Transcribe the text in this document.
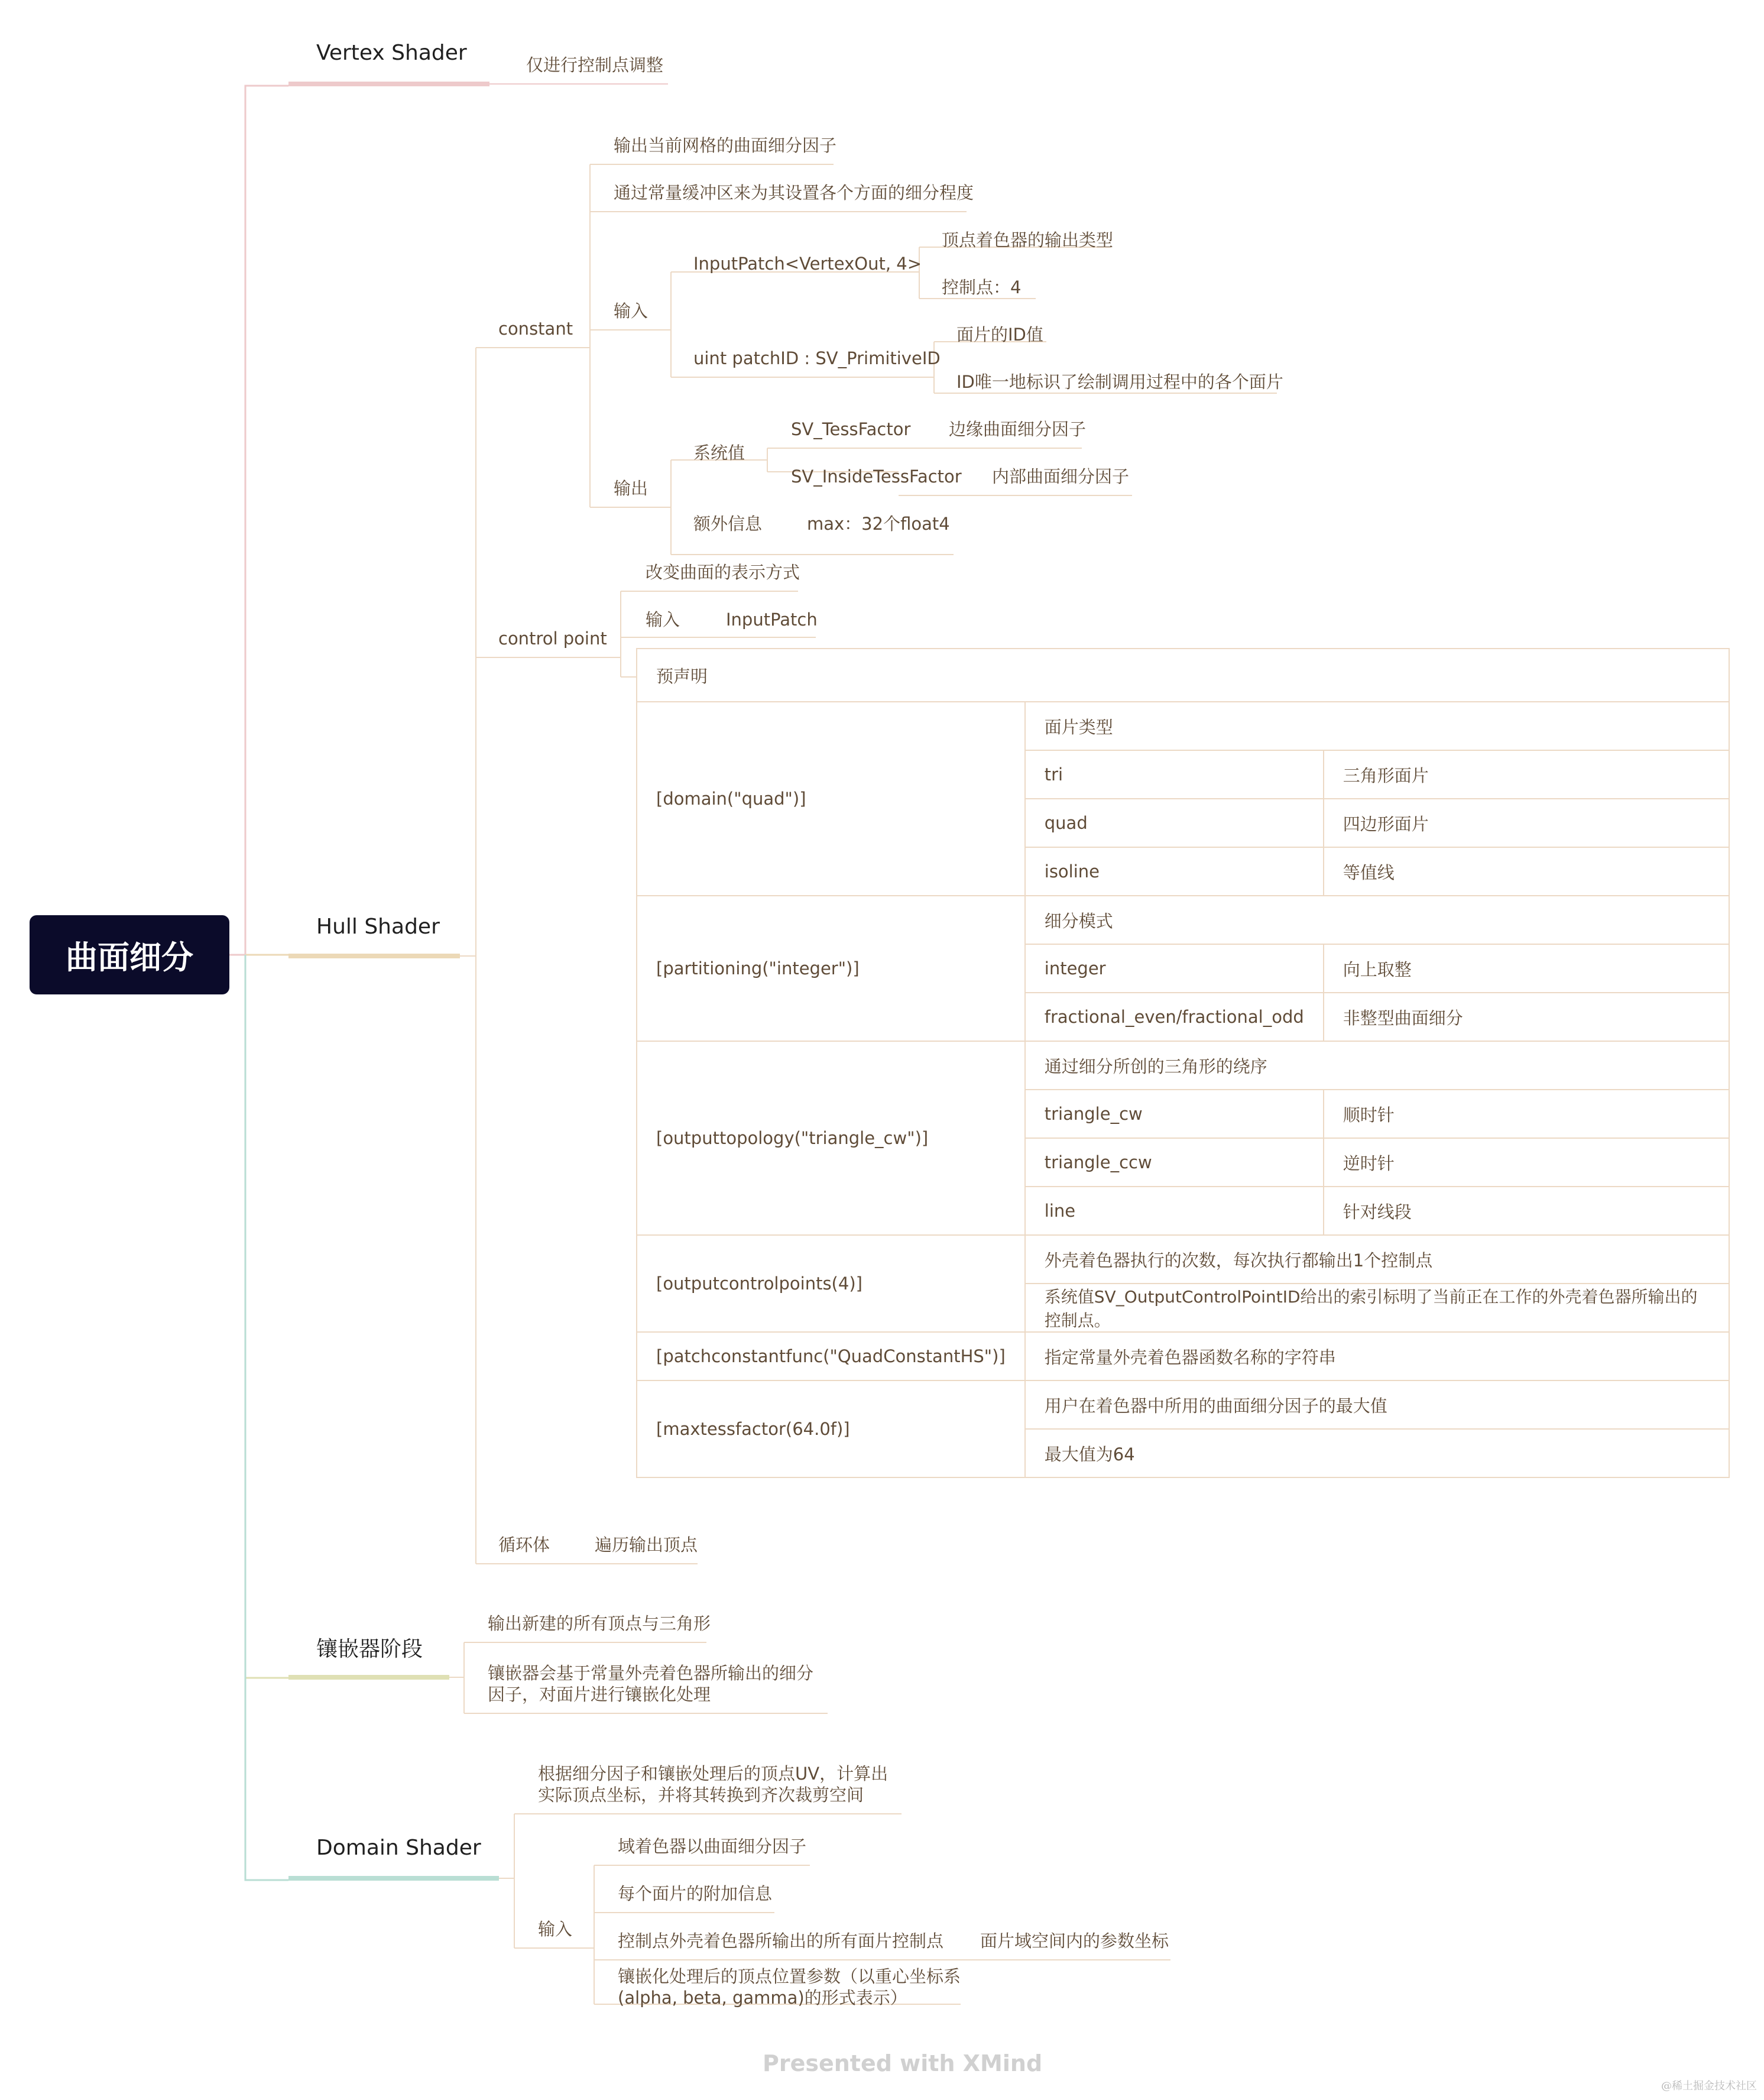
曲面细分
Vertex Shader	仅进行控制点调整
Hull Shader
constant
输出当前网格的曲面细分因子
通过常量缓冲区来为其设置各个方面的细分程度
输入
InputPatch<VertexOut, 4>
顶点着色器的输出类型
控制点：4
uint patchID : SV_PrimitiveID
面片的ID值
ID唯一地标识了绘制调用过程中的各个面片
输出
系统值
SV_TessFactor 边缘曲面细分因子
SV_InsideTessFactor 内部曲面细分因子
额外信息	max：32个float4
control point
改变曲面的表示方式
输入	InputPatch
预声明		
[domain("quad")]	面片类型	
	tri	三角形面片
	quad	四边形面片
	isoline	等值线
[partitioning("integer")]	细分模式	
	integer	向上取整
	fractional_even/fractional_odd	非整型曲面细分
[outputtopology("triangle_cw")]	通过细分所创的三角形的绕序	
	triangle_cw	顺时针
	triangle_ccw	逆时针
	line	针对线段
[outputcontrolpoints(4)]	外壳着色器执行的次数，每次执行都输出1个控制点	
	系统值SV_OutputControlPointID给出的索引标明了当前正在工作的外壳着色器所输出的控制点。	
[patchconstantfunc("QuadConstantHS")]	指定常量外壳着色器函数名称的字符串	
[maxtessfactor(64.0f)]	用户在着色器中所用的曲面细分因子的最大值	
	最大值为64	
循环体	遍历输出顶点
镶嵌器阶段
输出新建的所有顶点与三角形
镶嵌器会基于常量外壳着色器所输出的细分因子，对面片进行镶嵌化处理
Domain Shader
根据细分因子和镶嵌处理后的顶点UV，计算出实际顶点坐标，并将其转换到齐次裁剪空间
输入
域着色器以曲面细分因子
每个面片的附加信息
控制点外壳着色器所输出的所有面片控制点 面片域空间内的参数坐标
镶嵌化处理后的顶点位置参数（以重心坐标系(alpha, beta, gamma)的形式表示）
Presented with XMind
@稀土掘金技术社区
